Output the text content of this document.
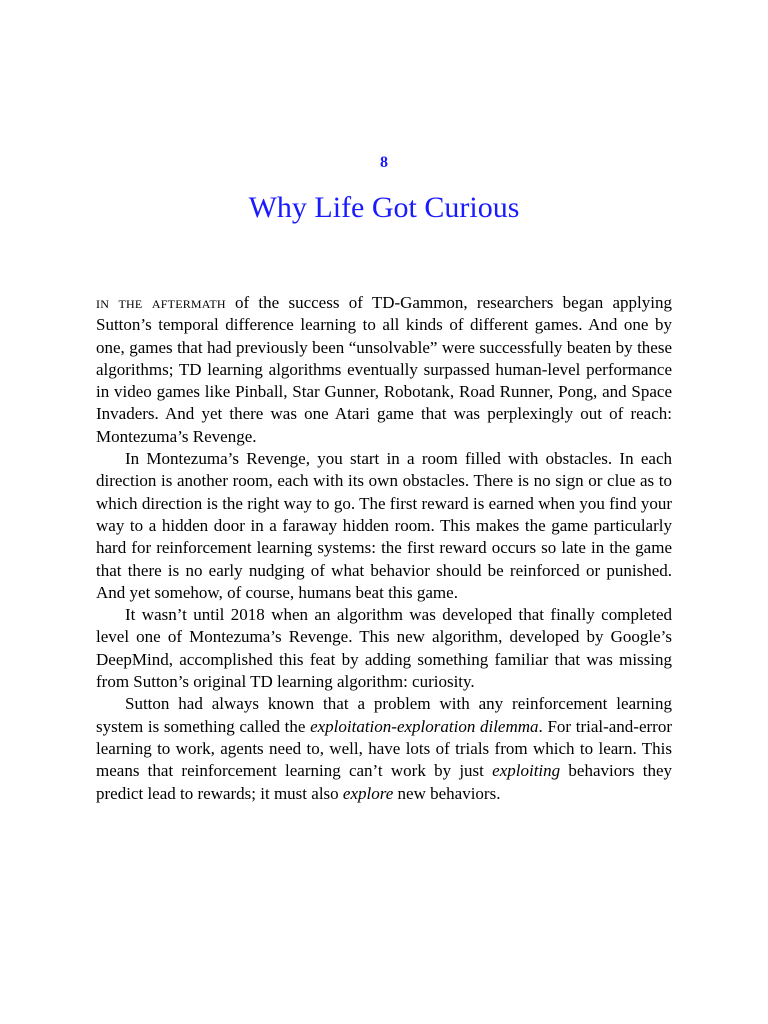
8
Why Life Got Curious

in the aftermath of the success of TD-Gammon, researchers began applying Sutton’s temporal difference learning to all kinds of different games. And one by one, games that had previously been “unsolvable” were successfully beaten by these algorithms; TD learning algorithms eventually surpassed human-level performance in video games like Pinball, Star Gunner, Robotank, Road Runner, Pong, and Space Invaders. And yet there was one Atari game that was perplexingly out of reach: Montezuma’s Revenge.

In Montezuma’s Revenge, you start in a room filled with obstacles. In each direction is another room, each with its own obstacles. There is no sign or clue as to which direction is the right way to go. The first reward is earned when you find your way to a hidden door in a faraway hidden room. This makes the game particularly hard for reinforcement learning systems: the first reward occurs so late in the game that there is no early nudging of what behavior should be reinforced or punished. And yet somehow, of course, humans beat this game.

It wasn’t until 2018 when an algorithm was developed that finally completed level one of Montezuma’s Revenge. This new algorithm, developed by Google’s DeepMind, accomplished this feat by adding something familiar that was missing from Sutton’s original TD learning algorithm: curiosity.

Sutton had always known that a problem with any reinforcement learning system is something called the exploitation-exploration dilemma. For trial-and-error learning to work, agents need to, well, have lots of trials from which to learn. This means that reinforcement learning can’t work by just exploiting behaviors they predict lead to rewards; it must also explore new behaviors.
